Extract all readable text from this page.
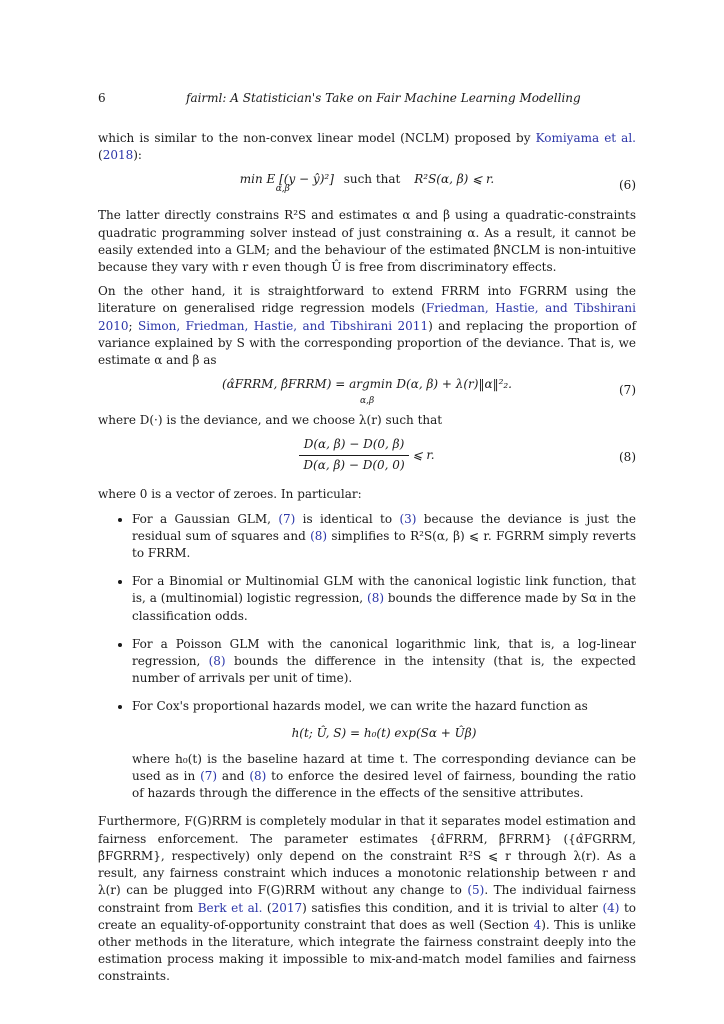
6	fairml: A Statistician's Take on Fair Machine Learning Modelling

which is similar to the non-convex linear model (NCLM) proposed by Komiyama et al. (2018):

min E [(y − ŷ)²] $_{\alpha,\beta}$ such that R²S(α, β) ⩽ r.	(6)

The latter directly constrains R²S and estimates α and β using a quadratic-constraints quadratic programming solver instead of just constraining α. As a result, it cannot be easily extended into a GLM; and the behaviour of the estimated β̂NCLM is non-intuitive because they vary with r even though Û is free from discriminatory effects.

On the other hand, it is straightforward to extend FRRM into FGRRM using the literature on generalised ridge regression models (Friedman, Hastie, and Tibshirani 2010; Simon, Friedman, Hastie, and Tibshirani 2011) and replacing the proportion of variance explained by S with the corresponding proportion of the deviance. That is, we estimate α and β as

(α̂FRRM, β̂FRRM) = argmin D(α, β) + λ(r)‖α‖²₂.
α,β
(7)

where D(·) is the deviance, and we choose λ(r) such that

$\frac{D(\alpha, \beta) - D(0, \beta)}{D(\alpha, \beta) - D(0, 0)}$ ⩽ r.	(8)

where 0 is a vector of zeroes. In particular:

• For a Gaussian GLM, (7) is identical to (3) because the deviance is just the residual sum of squares and (8) simplifies to R²S(α, β) ⩽ r. FGRRM simply reverts to FRRM.
• For a Binomial or Multinomial GLM with the canonical logistic link function, that is, a (multinomial) logistic regression, (8) bounds the difference made by Sα in the classification odds.
• For a Poisson GLM with the canonical logarithmic link, that is, a log-linear regression, (8) bounds the difference in the intensity (that is, the expected number of arrivals per unit of time).
• For Cox's proportional hazards model, we can write the hazard function as
h(t; Û, S) = h₀(t) exp(Sα + Ûβ)
where h₀(t) is the baseline hazard at time t. The corresponding deviance can be used as in (7) and (8) to enforce the desired level of fairness, bounding the ratio of hazards through the difference in the effects of the sensitive attributes.

Furthermore, F(G)RRM is completely modular in that it separates model estimation and fairness enforcement. The parameter estimates {α̂FRRM, β̂FRRM} ({α̂FGRRM, β̂FGRRM}, respectively) only depend on the constraint R²S ⩽ r through λ(r). As a result, any fairness constraint which induces a monotonic relationship between r and λ(r) can be plugged into F(G)RRM without any change to (5). The individual fairness constraint from Berk et al. (2017) satisfies this condition, and it is trivial to alter (4) to create an equality-of-opportunity constraint that does as well (Section 4). This is unlike other methods in the literature, which integrate the fairness constraint deeply into the estimation process making it impossible to mix-and-match model families and fairness constraints.
